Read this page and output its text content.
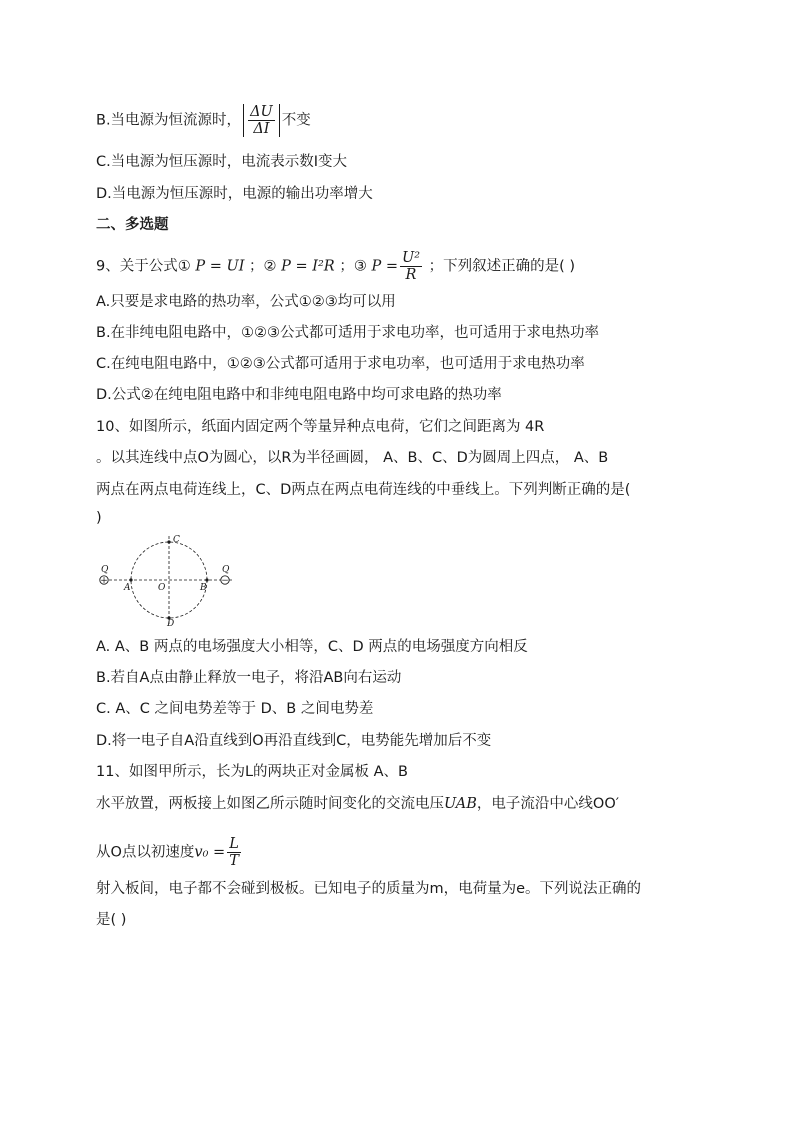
B.当电源为恒流源时， $\frac{\Delta U}{\Delta I}$ 不变
C.当电源为恒压源时，电流表示数I变大
D.当电源为恒压源时，电源的输出功率增大
二、多选题
9、关于公式① P = UI ；② P = I²R ；③ $P = \frac{\text{U²}}{R}$ ；下列叙述正确的是( )
A.只要是求电路的热功率，公式①②③均可以用
B.在非纯电阻电路中，①②③公式都可适用于求电功率，也可适用于求电热功率
C.在纯电阻电路中，①②③公式都可适用于求电功率，也可适用于求电热功率
D.公式②在纯电阻电路中和非纯电阻电路中均可求电路的热功率
10、如图所示，纸面内固定两个等量异种点电荷，它们之间距离为 4R
。以其连线中点O为圆心，以R为半径画圆， A、B、C、D为圆周上四点， A、B
两点在两点电荷连线上，C、D两点在两点电荷连线的中垂线上。下列判断正确的是(
)
+	−
Q	Q
A	B
O
C
D
A. A、B 两点的电场强度大小相等，C、D 两点的电场强度方向相反
B.若自A点由静止释放一电子，将沿AB向右运动
C. A、C 之间电势差等于 D、B 之间电势差
D.将一电子自A沿直线到O再沿直线到C，电势能先增加后不变
11、如图甲所示，长为L的两块正对金属板 A、B
水平放置，两板接上如图乙所示随时间变化的交流电压UAB，电子流沿中心线OO′
从O点以初速度$v_0 = \frac{L}{T}$
射入板间，电子都不会碰到极板。已知电子的质量为m，电荷量为e。下列说法正确的
是( )
